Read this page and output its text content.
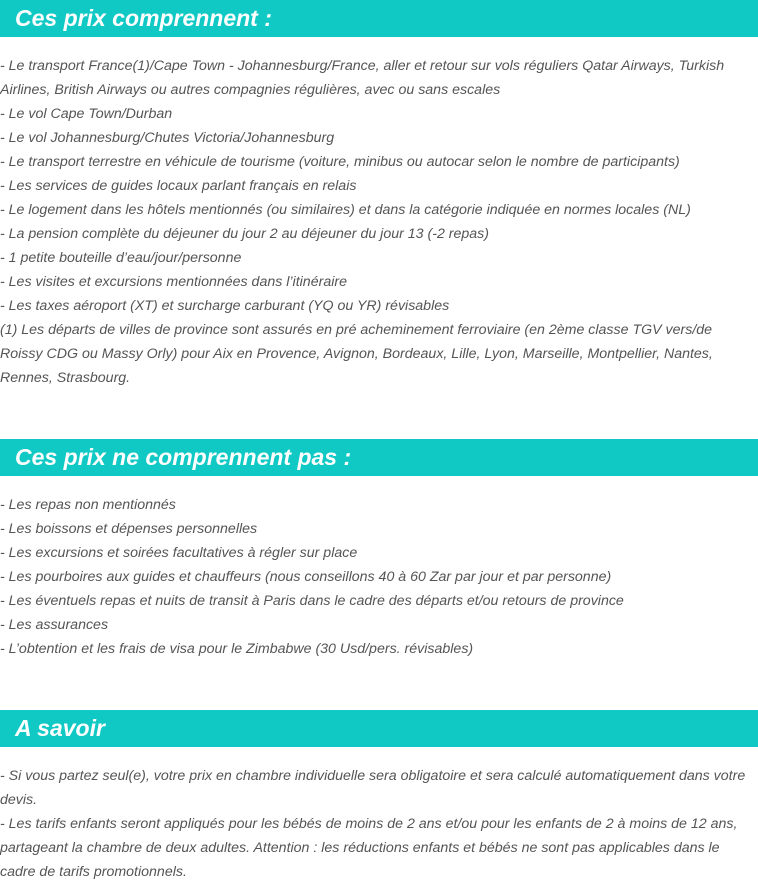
Ces prix comprennent :
- Le transport France(1)/Cape Town - Johannesburg/France, aller et retour sur vols réguliers Qatar Airways, Turkish Airlines, British Airways ou autres compagnies régulières, avec ou sans escales
- Le vol Cape Town/Durban
- Le vol Johannesburg/Chutes Victoria/Johannesburg
- Le transport terrestre en véhicule de tourisme (voiture, minibus ou autocar selon le nombre de participants)
- Les services de guides locaux parlant français en relais
- Le logement dans les hôtels mentionnés (ou similaires) et dans la catégorie indiquée en normes locales (NL)
- La pension complète du déjeuner du jour 2 au déjeuner du jour 13 (-2 repas)
- 1 petite bouteille d’eau/jour/personne
- Les visites et excursions mentionnées dans l’itinéraire
- Les taxes aéroport (XT) et surcharge carburant (YQ ou YR) révisables
(1) Les départs de villes de province sont assurés en pré acheminement ferroviaire (en 2ème classe TGV vers/de Roissy CDG ou Massy Orly) pour Aix en Provence, Avignon, Bordeaux, Lille, Lyon, Marseille, Montpellier, Nantes, Rennes, Strasbourg.
Ces prix ne comprennent pas :
- Les repas non mentionnés
- Les boissons et dépenses personnelles
- Les excursions et soirées facultatives à régler sur place
- Les pourboires aux guides et chauffeurs (nous conseillons 40 à 60 Zar par jour et par personne)
- Les éventuels repas et nuits de transit à Paris dans le cadre des départs et/ou retours de province
- Les assurances
- L’obtention et les frais de visa pour le Zimbabwe (30 Usd/pers. révisables)
A savoir
- Si vous partez seul(e), votre prix en chambre individuelle sera obligatoire et sera calculé automatiquement dans votre devis.
- Les tarifs enfants seront appliqués pour les bébés de moins de 2 ans et/ou pour les enfants de 2 à moins de 12 ans, partageant la chambre de deux adultes. Attention : les réductions enfants et bébés ne sont pas applicables dans le cadre de tarifs promotionnels.
